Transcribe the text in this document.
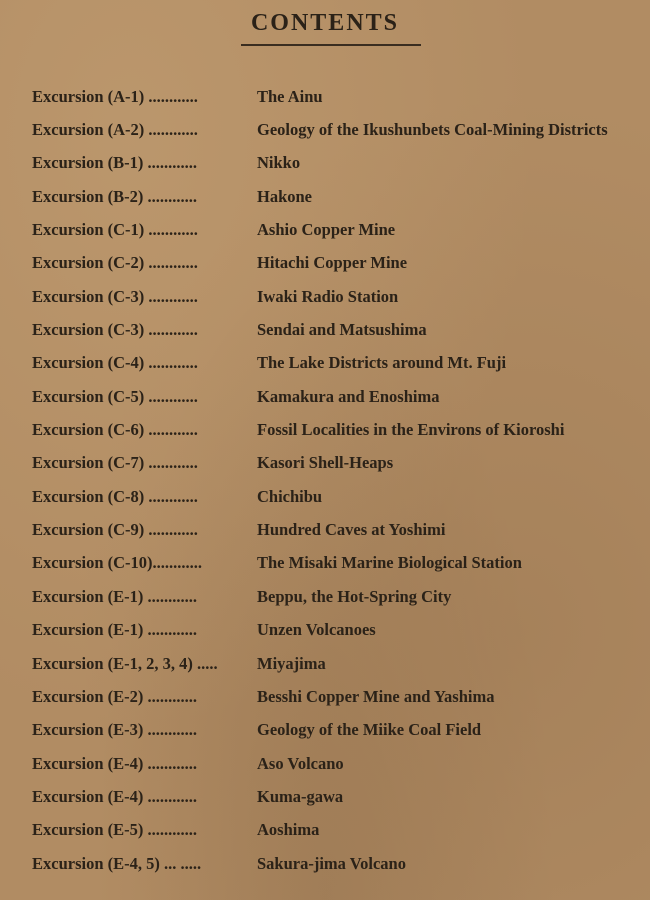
CONTENTS
Excursion (A-1) ............	The Ainu
Excursion (A-2) ............	Geology of the Ikushunbets Coal-Mining Districts
Excursion (B-1) ............	Nikko
Excursion (B-2) ............	Hakone
Excursion (C-1) ............	Ashio Copper Mine
Excursion (C-2) ............	Hitachi Copper Mine
Excursion (C-3) ............	Iwaki Radio Station
Excursion (C-3) ............	Sendai and Matsushima
Excursion (C-4) ............	The Lake Districts around Mt. Fuji
Excursion (C-5) ............	Kamakura and Enoshima
Excursion (C-6) ............	Fossil Localities in the Environs of Kioroshi
Excursion (C-7) ............	Kasori Shell-Heaps
Excursion (C-8) ............	Chichibu
Excursion (C-9) ............	Hundred Caves at Yoshimi
Excursion (C-10)............	The Misaki Marine Biological Station
Excursion (E-1) ............	Beppu, the Hot-Spring City
Excursion (E-1) ............	Unzen Volcanoes
Excursion (E-1, 2, 3, 4) .....	Miyajima
Excursion (E-2) ............	Besshi Copper Mine and Yashima
Excursion (E-3) ............	Geology of the Miike Coal Field
Excursion (E-4) ............	Aso Volcano
Excursion (E-4) ............	Kuma-gawa
Excursion (E-5) ............	Aoshima
Excursion (E-4, 5) ... .....	Sakura-jima Volcano
